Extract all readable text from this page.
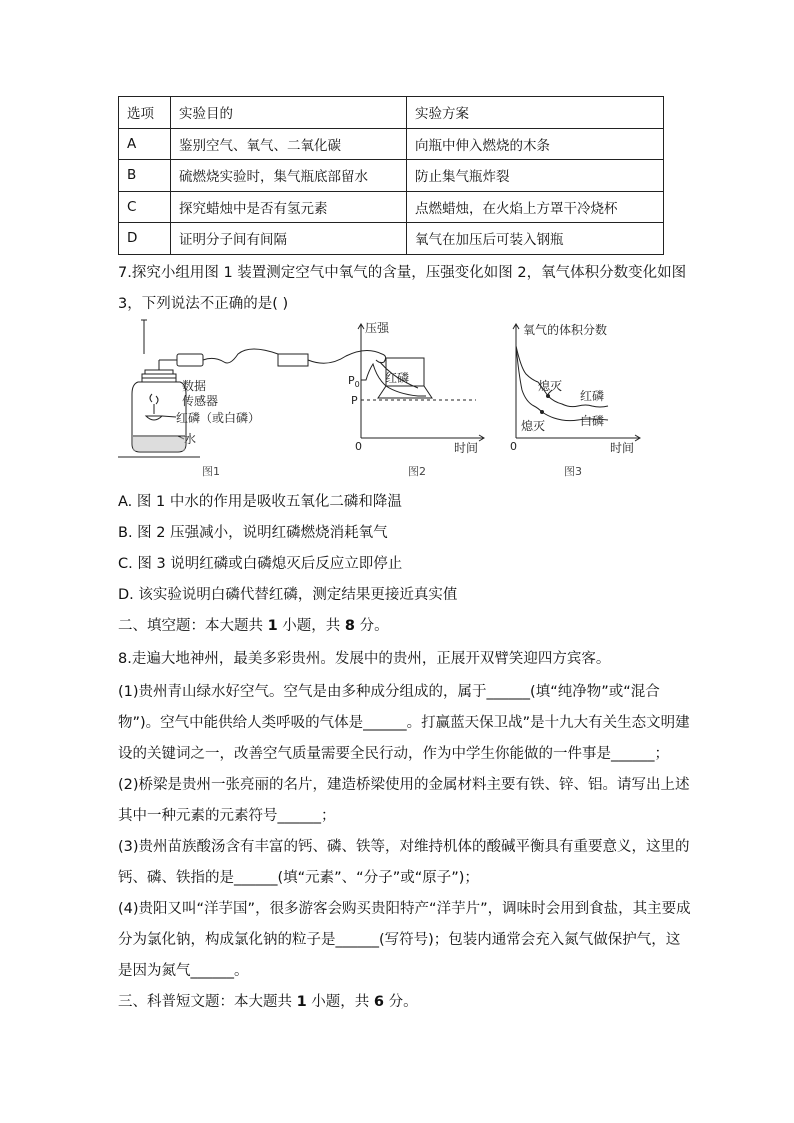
选项	实验目的	实验方案
A	鉴别空气、氧气、二氧化碳	向瓶中伸入燃烧的木条
B	硫燃烧实验时，集气瓶底部留水	防止集气瓶炸裂
C	探究蜡烛中是否有氢元素	点燃蜡烛，在火焰上方罩干冷烧杯
D	证明分子间有间隔	氧气在加压后可装入钢瓶
7.探究小组用图 1 装置测定空气中氧气的含量，压强变化如图 2，氧气体积分数变化如图
3，下列说法不正确的是( )
数据
传感器
红磷（或白磷）
水
图1
压强
0	时间
$P_0$
P
红磷
图2
氧气的体积分数
0	时间
熄灭
熄灭
红磷
白磷
图3
A. 图 1 中水的作用是吸收五氧化二磷和降温
B. 图 2 压强减小，说明红磷燃烧消耗氧气
C. 图 3 说明红磷或白磷熄灭后反应立即停止
D. 该实验说明白磷代替红磷，测定结果更接近真实值
二、填空题：本大题共 1 小题，共 8 分。
8.走遍大地神州，最美多彩贵州。发展中的贵州，正展开双臂笑迎四方宾客。
(1)贵州青山绿水好空气。空气是由多种成分组成的，属于______(填“纯净物”或“混合
物”)。空气中能供给人类呼吸的气体是______。打赢蓝天保卫战”是十九大有关生态文明建
设的关键词之一，改善空气质量需要全民行动，作为中学生你能做的一件事是______；
(2)桥梁是贵州一张亮丽的名片，建造桥梁使用的金属材料主要有铁、锌、铝。请写出上述
其中一种元素的元素符号______；
(3)贵州苗族酸汤含有丰富的钙、磷、铁等，对维持机体的酸碱平衡具有重要意义，这里的
钙、磷、铁指的是______(填“元素”、“分子”或“原子”)；
(4)贵阳又叫“洋芋国”，很多游客会购买贵阳特产“洋芋片”，调味时会用到食盐，其主要成
分为氯化钠，构成氯化钠的粒子是______(写符号)；包装内通常会充入氮气做保护气，这
是因为氮气______。
三、科普短文题：本大题共 1 小题，共 6 分。
